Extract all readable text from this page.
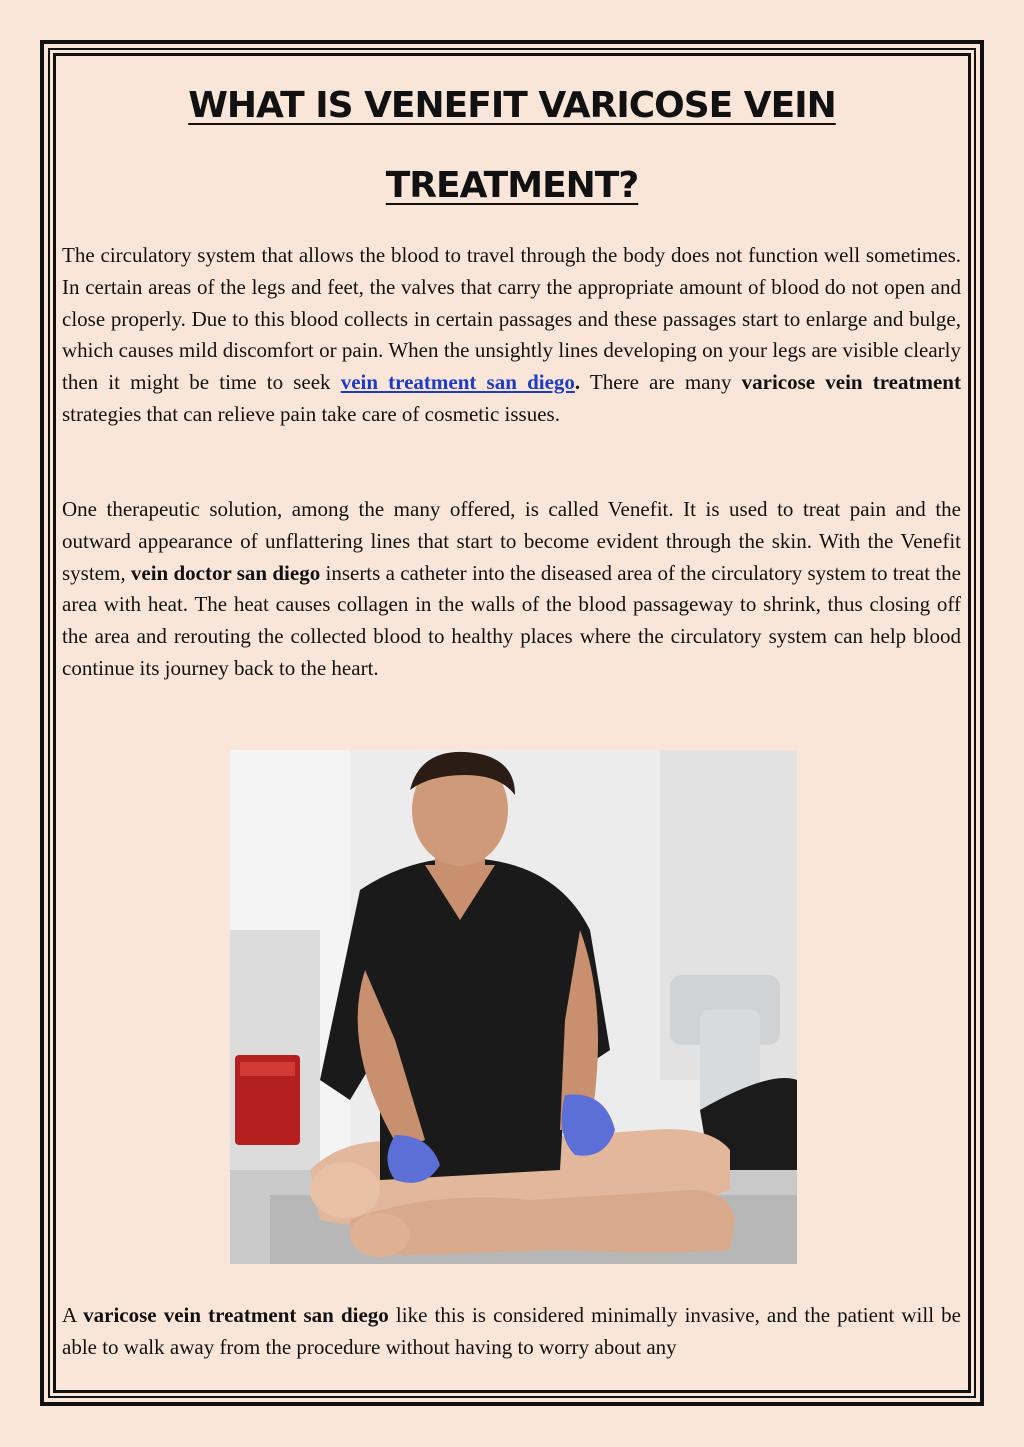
WHAT IS VENEFIT VARICOSE VEIN
TREATMENT?

The circulatory system that allows the blood to travel through the body does not function well sometimes. In certain areas of the legs and feet, the valves that carry the appropriate amount of blood do not open and close properly. Due to this blood collects in certain passages and these passages start to enlarge and bulge, which causes mild discomfort or pain. When the unsightly lines developing on your legs are visible clearly then it might be time to seek vein treatment san diego. There are many varicose vein treatment strategies that can relieve pain take care of cosmetic issues.

One therapeutic solution, among the many offered, is called Venefit. It is used to treat pain and the outward appearance of unflattering lines that start to become evident through the skin. With the Venefit system, vein doctor san diego inserts a catheter into the diseased area of the circulatory system to treat the area with heat. The heat causes collagen in the walls of the blood passageway to shrink, thus closing off the area and rerouting the collected blood to healthy places where the circulatory system can help blood continue its journey back to the heart.

A varicose vein treatment san diego like this is considered minimally invasive, and the patient will be able to walk away from the procedure without having to worry about any
